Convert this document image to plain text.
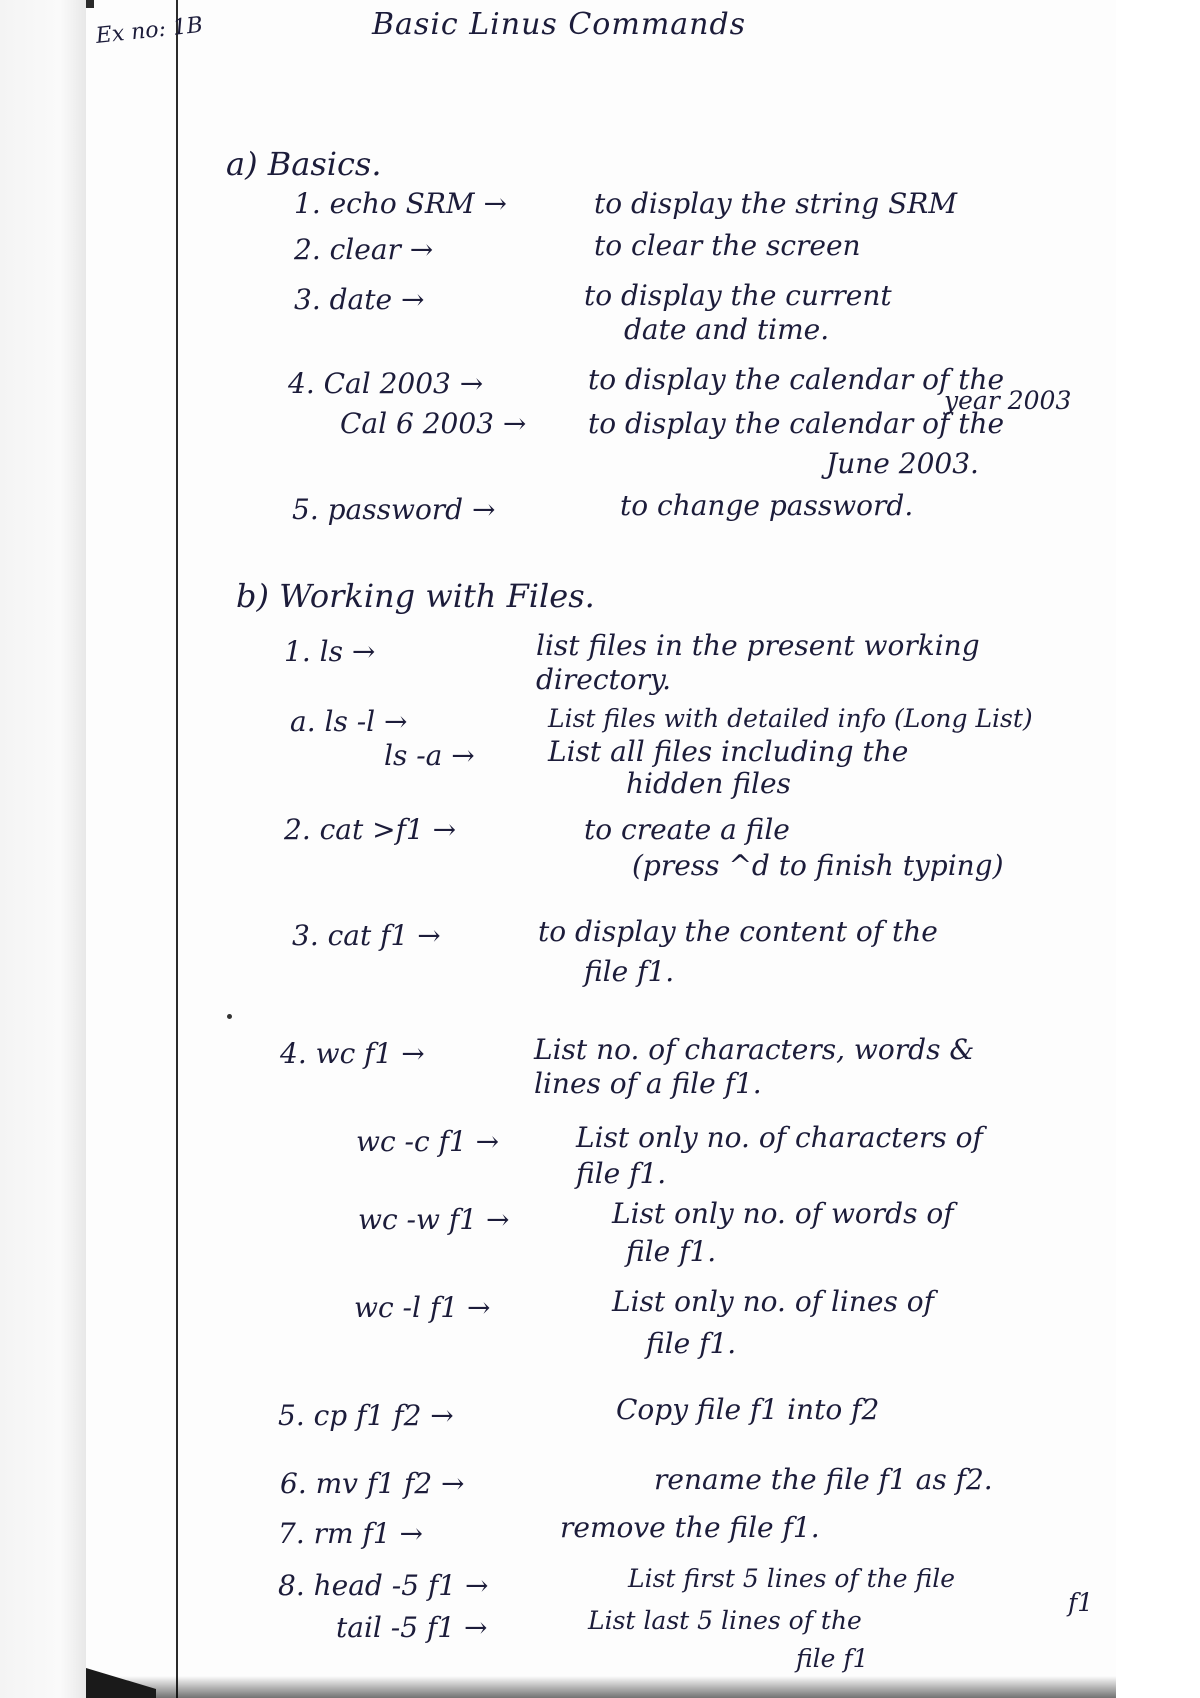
Ex no: 1B	Basic Linus Commands
a) Basics.
1. echo SRM →	to display the string SRM
2. clear →	to clear the screen
3. date →	to display the current
date and time.
4. Cal 2003 →	to display the calendar of the
year 2003
Cal 6 2003 → to display the calendar of the
June 2003.
5. password →	to change password.
b) Working with Files.
1. ls →	list files in the present working
directory.
a. ls -l →	List files with detailed info (Long List)
ls -a →	List all files including the
hidden files
2. cat >f1 →	to create a file
(press ^d to finish typing)
3. cat f1 →	to display the content of the
file f1.
4. wc f1 →	List no. of characters, words &
lines of a file f1.
wc -c f1 →	List only no. of characters of
file f1.
wc -w f1 →	List only no. of words of
file f1.
wc -l f1 →	List only no. of lines of
file f1.
5. cp f1 f2 →	Copy file f1 into f2
6. mv f1 f2 →	rename the file f1 as f2.
7. rm f1 →	remove the file f1.
8. head -5 f1 →	List first 5 lines of the file
f1
tail -5 f1 →	List last 5 lines of the
file f1
